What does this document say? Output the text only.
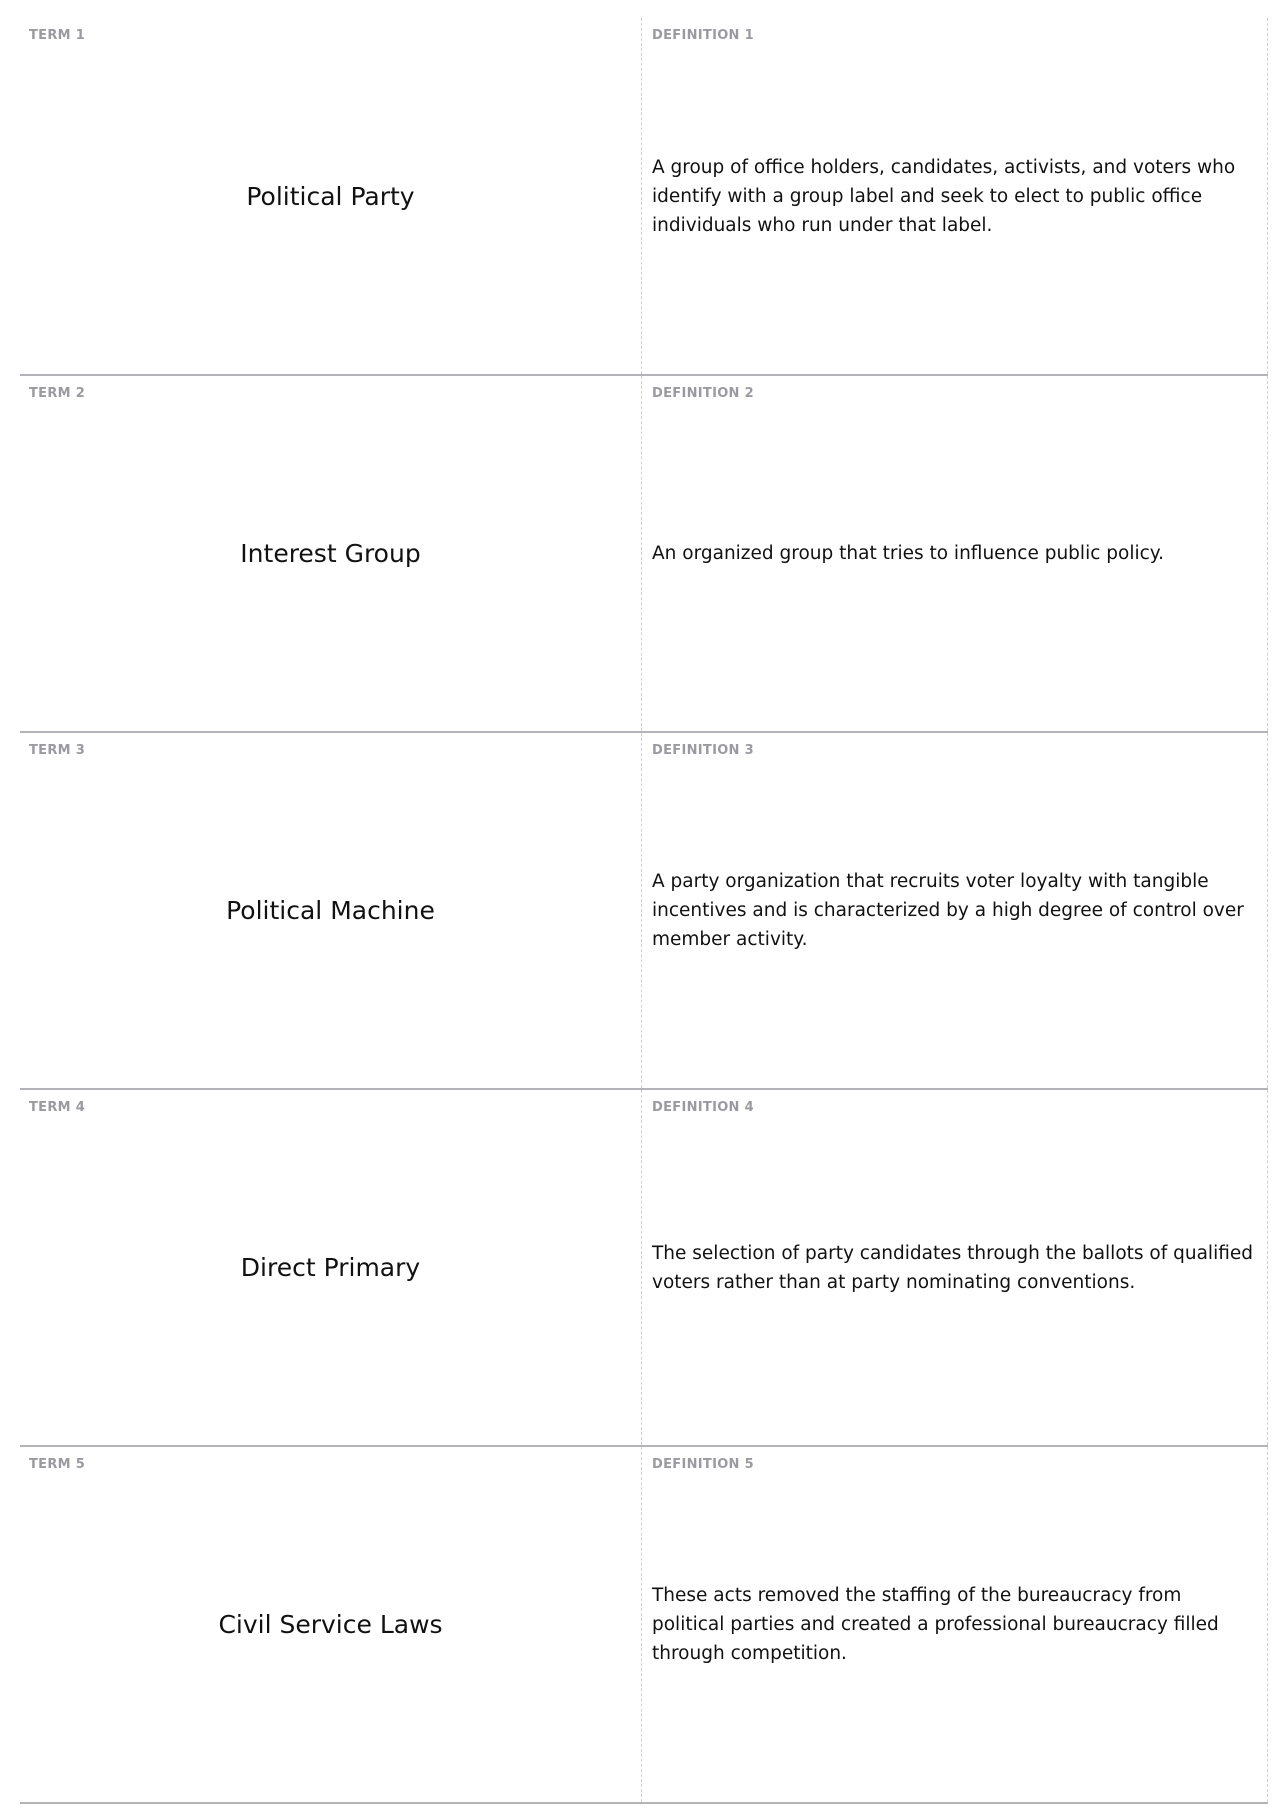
TERM 1
Political Party
DEFINITION 1
A group of office holders, candidates, activists, and voters who identify with a group label and seek to elect to public office individuals who run under that label.
TERM 2
Interest Group
DEFINITION 2
An organized group that tries to influence public policy.
TERM 3
Political Machine
DEFINITION 3
A party organization that recruits voter loyalty with tangible incentives and is characterized by a high degree of control over member activity.
TERM 4
Direct Primary
DEFINITION 4
The selection of party candidates through the ballots of qualified voters rather than at party nominating conventions.
TERM 5
Civil Service Laws
DEFINITION 5
These acts removed the staffing of the bureaucracy from political parties and created a professional bureaucracy filled through competition.
